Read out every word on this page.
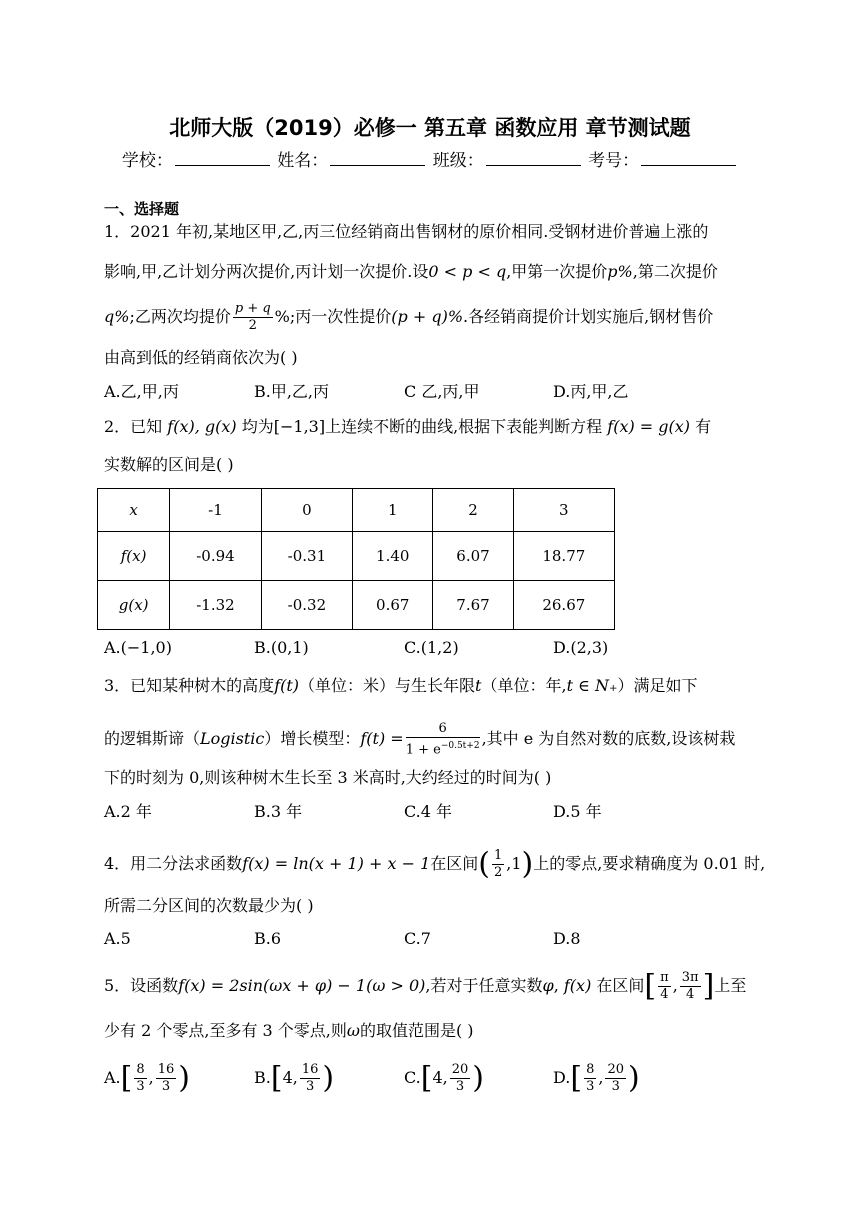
北师大版（2019）必修一 第五章 函数应用 章节测试题
学校：	姓名：	班级：	考号：
一、选择题
1．2021 年初,某地区甲,乙,丙三位经销商出售钢材的原价相同.受钢材进价普遍上涨的
影响,甲,乙计划分两次提价,丙计划一次提价.设0 < p < q,甲第一次提价p%,第二次提价
q%;乙两次均提价 $\frac{p + q}{2}$ %;丙一次性提价(p + q)%.各经销商提价计划实施后,钢材售价
由高到低的经销商依次为( )
A.乙,甲,丙	B.甲,乙,丙	C 乙,丙,甲	D.丙,甲,乙
2．已知 f(x), g(x) 均为[−1,3]上连续不断的曲线,根据下表能判断方程 f(x) = g(x) 有
实数解的区间是( )
x	-1	0	1	2	3
f(x)	-0.94	-0.31	1.40	6.07	18.77
g(x)	-1.32	-0.32	0.67	7.67	26.67
A.(−1,0)	B.(0,1)	C.(1,2)	D.(2,3)
3．已知某种树木的高度f(t)（单位：米）与生长年限t（单位：年,t ∈ N₊）满足如下
的逻辑斯谛（Logistic）增长模型：$f(t) = \frac{6}{1 + e^{-0.5t+2}}$ ,其中 e 为自然对数的底数,设该树栽
下的时刻为 0,则该种树木生长至 3 米高时,大约经过的时间为( )
A.2 年	B.3 年	C.4 年	D.5 年
4．用二分法求函数f(x) = ln(x + 1) + x − 1在区间( $\frac{1}{2} ,1$)上的零点,要求精确度为 0.01 时,
所需二分区间的次数最少为( )
A.5	B.6	C.7	D.8
5．设函数f(x) = 2sin(ωx + φ) − 1(ω > 0),若对于任意实数φ, f(x) 在区间[ $\frac{\pi}{4}$ , $\frac{3\pi}{4}$ ]上至
少有 2 个零点,至多有 3 个零点,则ω的取值范围是( )
$A.[ \frac{8}{3}$ , $\frac{16}{3}$ )	B.[4, $\frac{16}{3}$ )	C.[4, $\frac{20}{3}$ )	$D.[ \frac{8}{3}$ , $\frac{20}{3}$ )
